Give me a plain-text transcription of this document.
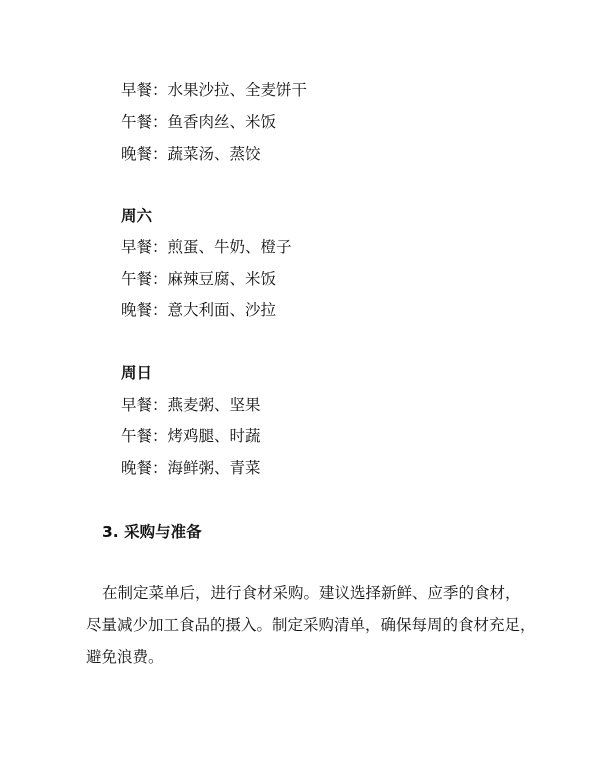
早餐：水果沙拉、全麦饼干
午餐：鱼香肉丝、米饭
晚餐：蔬菜汤、蒸饺
周六
早餐：煎蛋、牛奶、橙子
午餐：麻辣豆腐、米饭
晚餐：意大利面、沙拉
周日
早餐：燕麦粥、坚果
午餐：烤鸡腿、时蔬
晚餐：海鲜粥、青菜
3. 采购与准备
在制定菜单后，进行食材采购。建议选择新鲜、应季的食材，
尽量减少加工食品的摄入。制定采购清单，确保每周的食材充足，
避免浪费。
